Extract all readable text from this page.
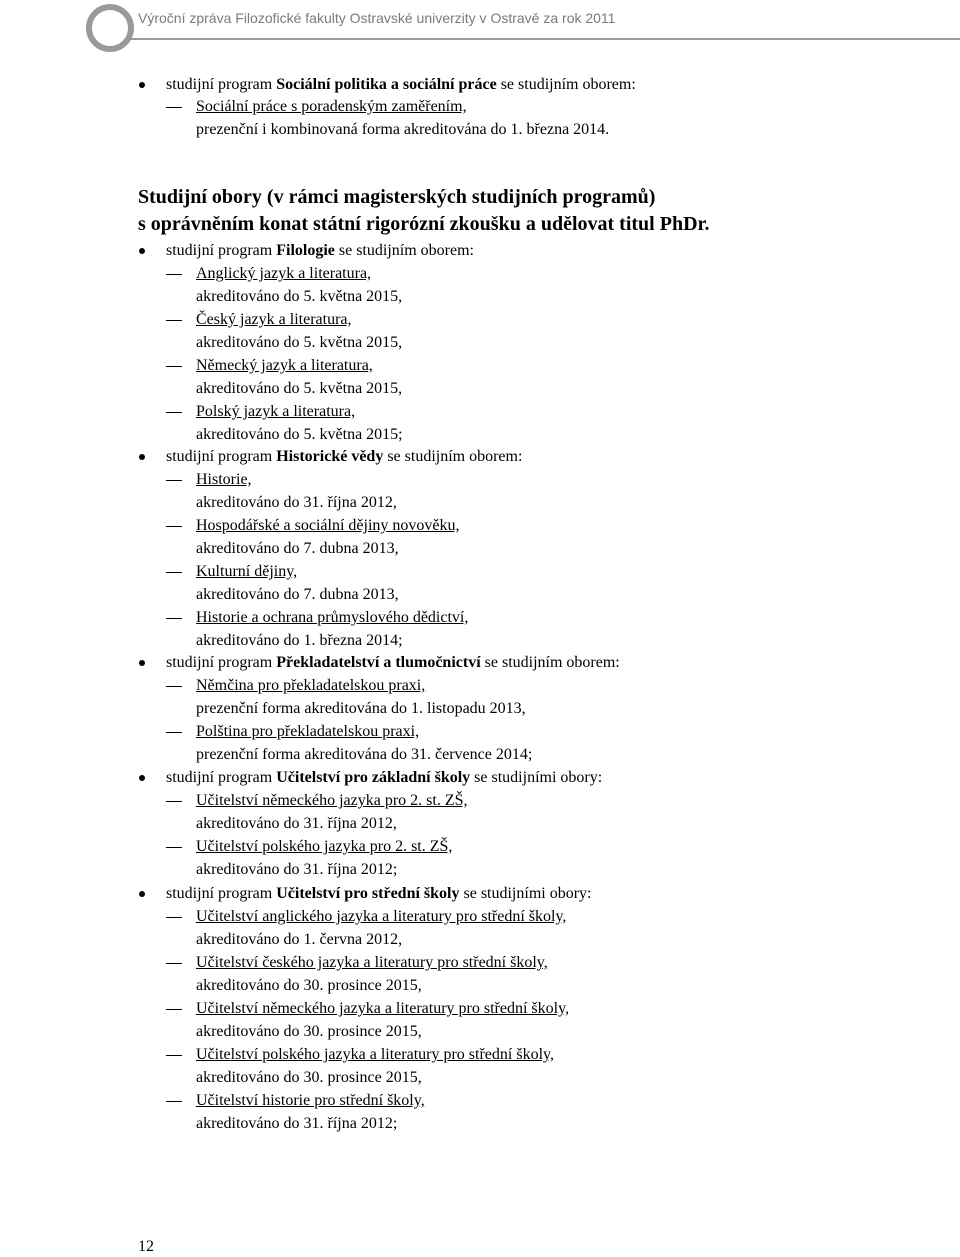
Výroční zpráva Filozofické fakulty Ostravské univerzity v Ostravě za rok 2011
studijní program Sociální politika a sociální práce se studijním oborem:
Sociální práce s poradenským zaměřením,
prezenční i kombinovaná forma akreditována do 1. března 2014.
Studijní obory (v rámci magisterských studijních programů)
s oprávněním konat státní rigorózní zkoušku a udělovat titul PhDr.
studijní program Filologie se studijním oborem:
Anglický jazyk a literatura,
akreditováno do 5. května 2015,
Český jazyk a literatura,
akreditováno do 5. května 2015,
Německý jazyk a literatura,
akreditováno do 5. května 2015,
Polský jazyk a literatura,
akreditováno do 5. května 2015;
studijní program Historické vědy se studijním oborem:
Historie,
akreditováno do 31. října 2012,
Hospodářské a sociální dějiny novověku,
akreditováno do 7. dubna 2013,
Kulturní dějiny,
akreditováno do 7. dubna 2013,
Historie a ochrana průmyslového dědictví,
akreditováno do 1. března 2014;
studijní program Překladatelství a tlumočnictví se studijním oborem:
Němčina pro překladatelskou praxi,
prezenční forma akreditována do 1. listopadu 2013,
Polština pro překladatelskou praxi,
prezenční forma akreditována do 31. července 2014;
studijní program Učitelství pro základní školy se studijními obory:
Učitelství německého jazyka pro 2. st. ZŠ,
akreditováno do 31. října 2012,
Učitelství polského jazyka pro 2. st. ZŠ,
akreditováno do 31. října 2012;
studijní program Učitelství pro střední školy se studijními obory:
Učitelství anglického jazyka a literatury pro střední školy,
akreditováno do 1. června 2012,
Učitelství českého jazyka a literatury pro střední školy,
akreditováno do 30. prosince 2015,
Učitelství německého jazyka a literatury pro střední školy,
akreditováno do 30. prosince 2015,
Učitelství polského jazyka a literatury pro střední školy,
akreditováno do 30. prosince 2015,
Učitelství historie pro střední školy,
akreditováno do 31. října 2012;
12
